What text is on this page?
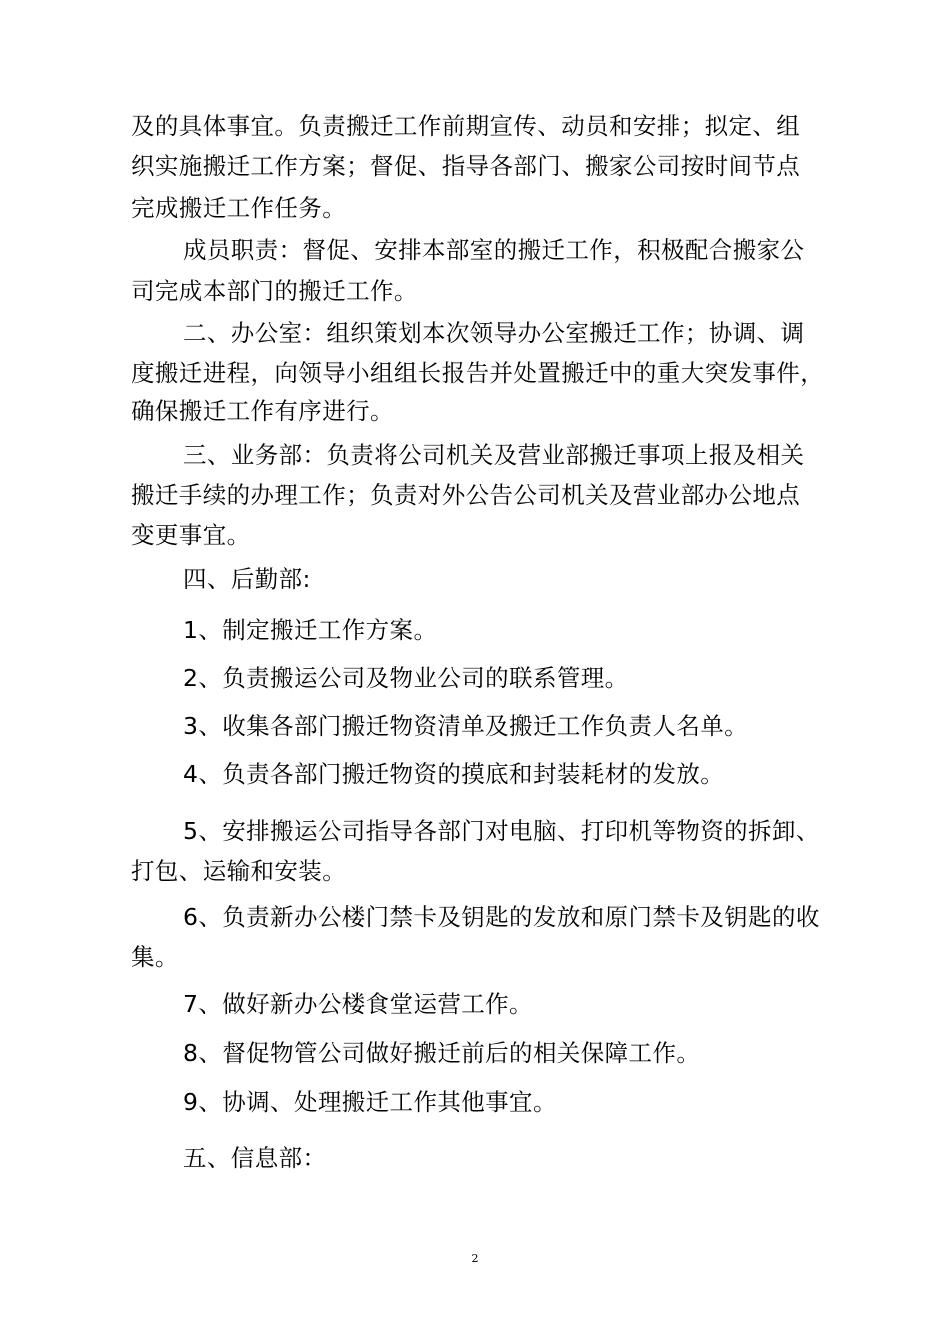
及的具体事宜。负责搬迁工作前期宣传、动员和安排；拟定、组
织实施搬迁工作方案；督促、指导各部门、搬家公司按时间节点
完成搬迁工作任务。
成员职责：督促、安排本部室的搬迁工作，积极配合搬家公
司完成本部门的搬迁工作。
二、办公室：组织策划本次领导办公室搬迁工作；协调、调
度搬迁进程，向领导小组组长报告并处置搬迁中的重大突发事件，
确保搬迁工作有序进行。
三、业务部：负责将公司机关及营业部搬迁事项上报及相关
搬迁手续的办理工作；负责对外公告公司机关及营业部办公地点
变更事宜。
四、后勤部:
1、制定搬迁工作方案。
2、负责搬运公司及物业公司的联系管理。
3、收集各部门搬迁物资清单及搬迁工作负责人名单。
4、负责各部门搬迁物资的摸底和封装耗材的发放。
5、安排搬运公司指导各部门对电脑、打印机等物资的拆卸、
打包、运输和安装。
6、负责新办公楼门禁卡及钥匙的发放和原门禁卡及钥匙的收
集。
7、做好新办公楼食堂运营工作。
8、督促物管公司做好搬迁前后的相关保障工作。
9、协调、处理搬迁工作其他事宜。
五、信息部：
2
